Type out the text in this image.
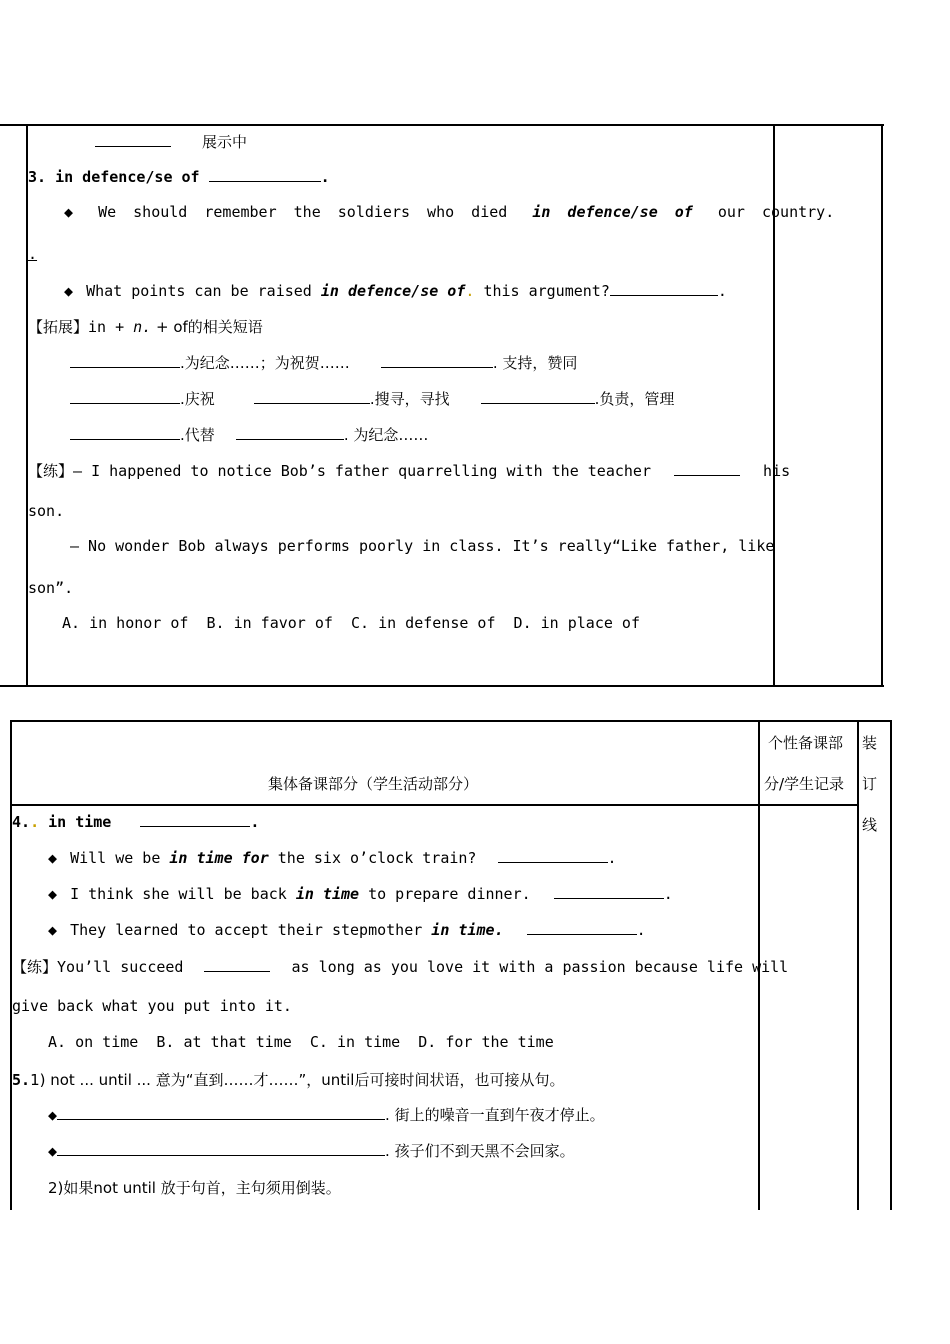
展示中
3. in defence/se of	.
◆ We should remember the soldiers who died in defence/se of our country.
.
◆ What points can be raised in defence/se of. this argument?	.
【拓展】in + n. + of的相关短语
.为纪念……；为祝贺……	. 支持，赞同
.庆祝	.搜寻，寻找	.负责，管理
.代替	. 为纪念……
【练】— I happened to notice Bob’s father quarrelling with the teacher	his
son.
— No wonder Bob always performs poorly in class. It’s really“Like father, like
son”.
A. in honor of  B. in favor of  C. in defense of  D. in place of
集体备课部分（学生活动部分）
个性备课部
分/学生记录
装
订
线
4.. in time	.
◆ Will we be in time for the six o’clock train?	.
◆ I think she will be back in time to prepare dinner.	.
◆ They learned to accept their stepmother in time.	.
【练】You’ll succeed	as long as you love it with a passion because life will
give back what you put into it.
A. on time  B. at that time  C. in time  D. for the time
5.1) not ... until ... 意为“直到……才……”，until后可接时间状语，也可接从句。
◆	. 街上的噪音一直到午夜才停止。
◆	. 孩子们不到天黑不会回家。
2)如果not until 放于句首，主句须用倒装。
